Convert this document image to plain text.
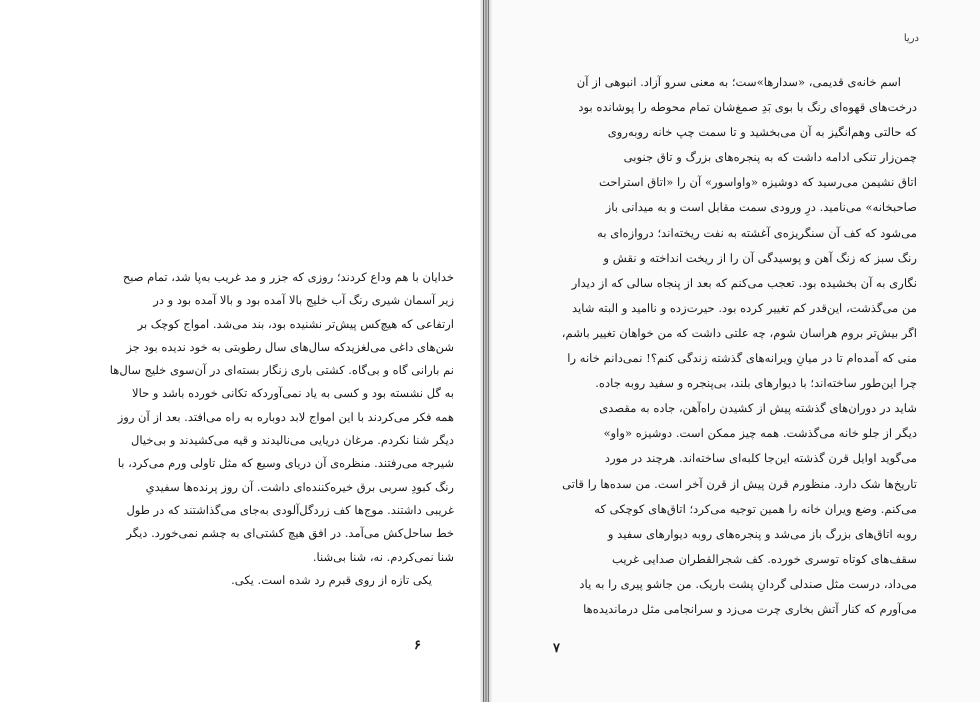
خدایان با هم وداع کردند؛ روزی که جزر و مد غریب به‌پا شد، تمام صبح
زیر آسمان شیری رنگ آب خلیج بالا آمده بود و بالا آمده بود و در
ارتفاعی که هیچ‌کس پیش‌تر نشنیده بود، بند می‌شد. امواج کوچک بر
شن‌های داغی می‌لغزیدکه سال‌های سال رطوبتی به خود ندیده بود جز
نم بارانی گاه و بی‌گاه. کشتی باری زنگار بسته‌ای در آن‌سوی خلیج سال‌ها
به گل نشسته بود و کسی به یاد نمی‌آوردکه تکانی خورده باشد و حالا
همه فکر می‌کردند با این امواج لابد دوباره به راه می‌افتد. بعد از آن روز
دیگر شنا نکردم. مرغان دریایی می‌نالیدند و قیه می‌کشیدند و بی‌خیال
شیرجه می‌رفتند. منظره‌ی آن دریای وسیع که مثل تاولی ورم می‌کرد، با
رنگ کبودِ سربی برق خیره‌کننده‌ای داشت. آن روز پرنده‌ها سفیدیِ
غریبی داشتند. موج‌ها کف زردگل‌آلودی به‌جای می‌گذاشتند که در طول
خط ساحل‌کش می‌آمد. در افق هیچ کشتی‌ای به چشم نمی‌خورد. دیگر
شنا نمی‌کردم. نه، شنا بی‌شنا.
یکی تازه از روی قبرم رد شده است. یکی.
۶
دریا
اسم خانه‌ی قدیمی، «سدارها»ست؛ به معنی سرو آزاد. انبوهی از آن
درخت‌های قهوه‌ای رنگ با بوی بَدِ صمغ‌شان تمام محوطه را پوشانده بود
که حالتی وهم‌انگیز به آن می‌بخشید و تا سمت چپ خانه روبه‌روی
چمن‌زار تنکی ادامه داشت که به پنجره‌های بزرگ و تاق جنوبی
اتاق نشیمن می‌رسید که دوشیزه «واواسور» آن را «اتاق استراحت
صاحبخانه» می‌نامید. درِ ورودی سمت مقابل است و به میدانی باز
می‌شود که کف آن سنگریزه‌ی آغشته به نفت ریخته‌اند؛ دروازه‌ای به
رنگ سبز که زنگ آهن و پوسیدگی آن را از ریخت انداخته و نقش و
نگاری به آن بخشیده بود. تعجب می‌کنم که بعد از پنجاه سالی که از دیدار
من می‌گذشت، این‌قدر کم تغییر کرده بود. حیرت‌زده و ناامید و البته شاید
اگر بیش‌تر بروم هراسان شوم، چه علتی داشت که من خواهان تغییر باشم،
منی که آمده‌ام تا در میانِ ویرانه‌های گذشته زندگی کنم؟! نمی‌دانم خانه را
چرا این‌طور ساخته‌اند؛ با دیوارهای بلند، بی‌پنجره و سفید روبه جاده.
شاید در دوران‌های گذشته پیش از کشیدن راه‌آهن، جاده به مقصدی
دیگر از جلو خانه می‌گذشت. همه چیز ممکن است. دوشیزه «واو»
می‌گوید اوایل قرن گذشته این‌جا کلبه‌ای ساخته‌اند. هرچند در مورد
تاریخ‌ها شک دارد. منظورم قرن پیش از قرن آخر است. من سده‌ها را قاتی
می‌کنم. وضع ویران خانه را همین توجیه می‌کرد؛ اتاق‌های کوچکی که
روبه اتاق‌های بزرگ باز می‌شد و پنجره‌های روبه دیوارهای سفید و
سقف‌های کوتاه توسری خورده. کف شجرالقطران صدایی غریب
می‌داد، درست مثل صندلی گردانِ پشت باریک. من جاشو پیری را به یاد
می‌آورم که کنار آتش بخاری چرت می‌زد و سرانجامی مثل درماندیده‌ها
۷
